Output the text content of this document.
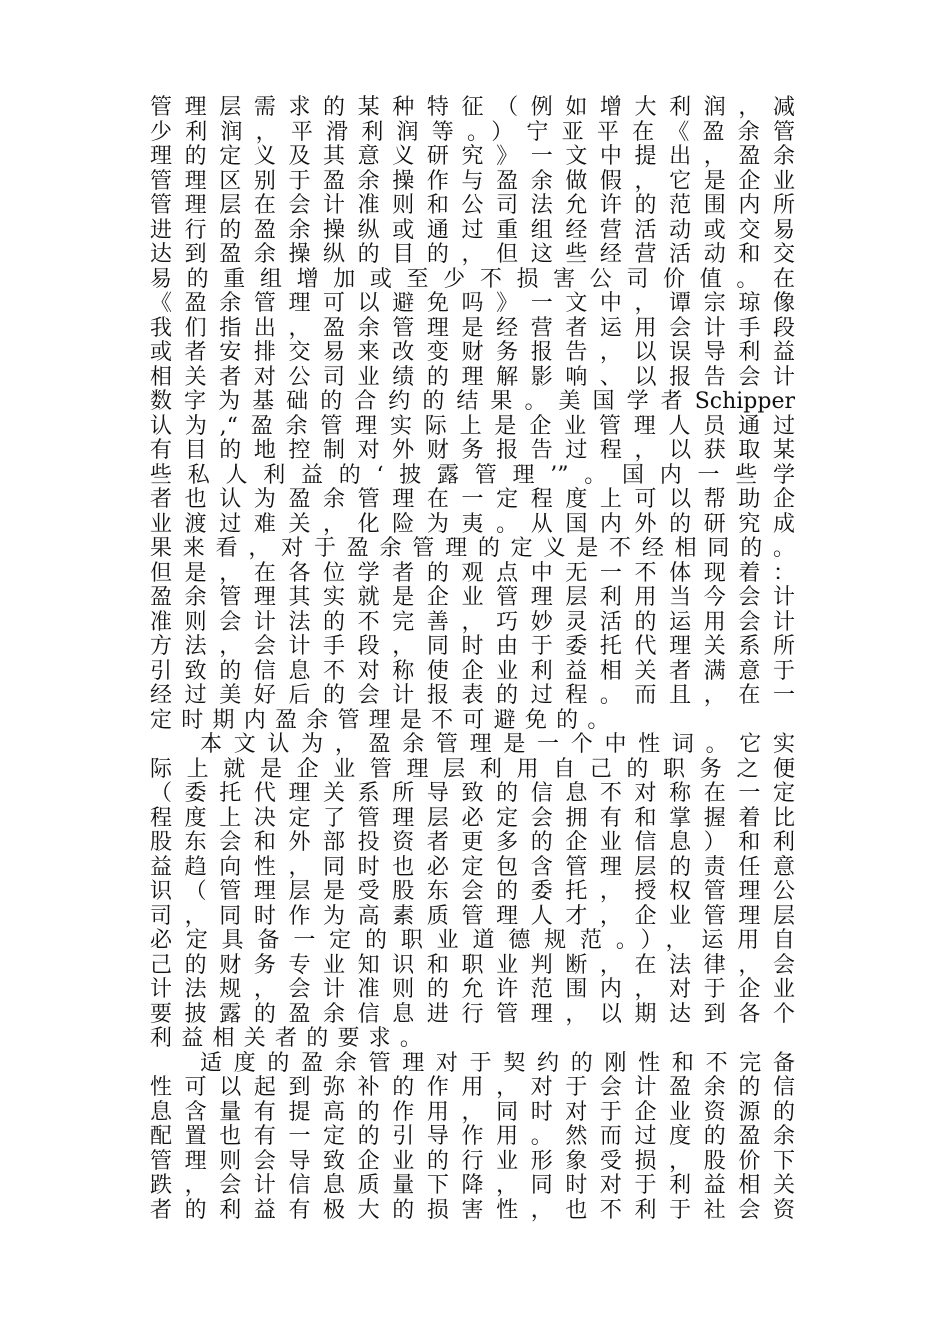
管理层需求的某种特征（例如增大利润，减
少利润，平滑利润等。）宁亚平在《盈余管
理的定义及其意义研究》一文中提出，盈余
管理区别于盈余操作与盈余做假，它是企业
管理层在会计准则和公司法允许的范围内所
进行的盈余操纵或通过重组经营活动或交易
达到盈余操纵的目的，但这些经营活动和交
易的重组增加或至少不损害公司价值。在
《盈余管理可以避免吗》一文中，谭宗琼像
我们指出，盈余管理是经营者运用会计手段
或者安排交易来改变财务报告，以误导利益
相关者对公司业绩的理解影响、以报告会计
数字为基础的合约的结果。美国学者Schipper
认为,“盈余管理实际上是企业管理人员通过
有目的地控制对外财务报告过程，以获取某
些私人利益的‘披露管理’”。国内一些学
者也认为盈余管理在一定程度上可以帮助企
业渡过难关，化险为夷。从国内外的研究成
果来看，对于盈余管理的定义是不经相同的。
但是，在各位学者的观点中无一不体现着：
盈余管理其实就是企业管理层利用当今会计
准则会计法的不完善，巧妙灵活的运用会计
方法，会计手段，同时由于委托代理关系所
引致的信息不对称使企业利益相关者满意于
经过美好后的会计报表的过程。而且，在一
定时期内盈余管理是不可避免的。
本文认为，盈余管理是一个中性词。它实
际上就是企业管理层利用自己的职务之便
（委托代理关系所导致的信息不对称在一定
程度上决定了管理层必定会拥有和掌握着比
股东会和外部投资者更多的企业信息）和利
益趋向性，同时也必定包含管理层的责任意
识（管理层是受股东会的委托，授权管理公
司，同时作为高素质管理人才，企业管理层
必定具备一定的职业道德规范。），运用自
己的财务专业知识和职业判断，在法律，会
计法规，会计准则的允许范围内，对于企业
要披露的盈余信息进行管理，以期达到各个
利益相关者的要求。
适度的盈余管理对于契约的刚性和不完备
性可以起到弥补的作用，对于会计盈余的信
息含量有提高的作用，同时对于企业资源的
配置也有一定的引导作用。然而过度的盈余
管理则会导致企业的行业形象受损，股价下
跌，会计信息质量下降，同时对于利益相关
者的利益有极大的损害性，也不利于社会资
